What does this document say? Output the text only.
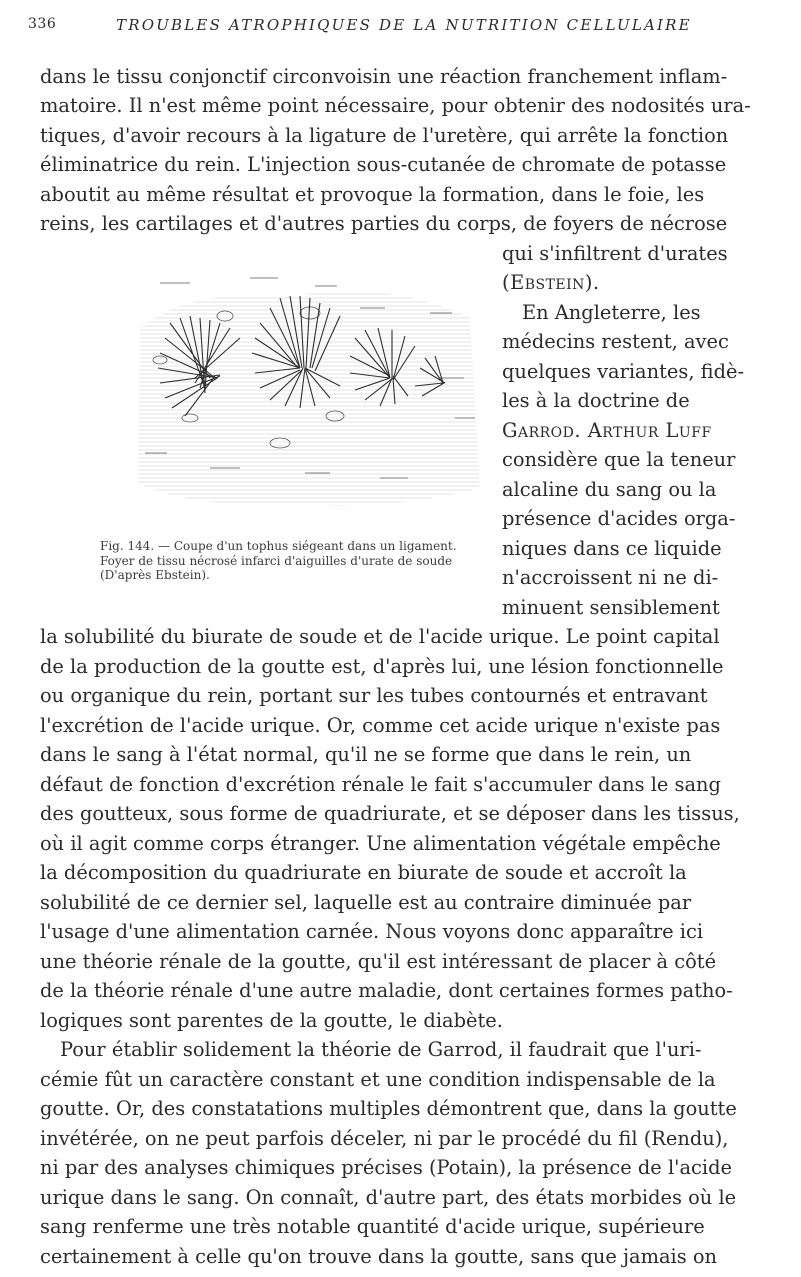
336	TROUBLES ATROPHIQUES DE LA NUTRITION CELLULAIRE
dans le tissu conjonctif circonvoisin une réaction franchement inflam-
matoire. Il n'est même point nécessaire, pour obtenir des nodosités ura-
tiques, d'avoir recours à la ligature de l'uretère, qui arrête la fonction
éliminatrice du rein. L'injection sous-cutanée de chromate de potasse
aboutit au même résultat et provoque la formation, dans le foie, les
reins, les cartilages et d'autres parties du corps, de foyers de nécrose
qui s'infiltrent d'urates
(Ebstein).
En Angleterre, les
médecins restent, avec
quelques variantes, fidè-
les à la doctrine de
Garrod. Arthur Luff
considère que la teneur
alcaline du sang ou la
présence d'acides orga-
niques dans ce liquide
n'accroissent ni ne di-
minuent sensiblement
la solubilité du biurate de soude et de l'acide urique. Le point capital
de la production de la goutte est, d'après lui, une lésion fonctionnelle
ou organique du rein, portant sur les tubes contournés et entravant
l'excrétion de l'acide urique. Or, comme cet acide urique n'existe pas
dans le sang à l'état normal, qu'il ne se forme que dans le rein, un
défaut de fonction d'excrétion rénale le fait s'accumuler dans le sang
des goutteux, sous forme de quadriurate, et se déposer dans les tissus,
où il agit comme corps étranger. Une alimentation végétale empêche
la décomposition du quadriurate en biurate de soude et accroît la
solubilité de ce dernier sel, laquelle est au contraire diminuée par
l'usage d'une alimentation carnée. Nous voyons donc apparaître ici
une théorie rénale de la goutte, qu'il est intéressant de placer à côté
de la théorie rénale d'une autre maladie, dont certaines formes patho-
logiques sont parentes de la goutte, le diabète.
Pour établir solidement la théorie de Garrod, il faudrait que l'uri-
cémie fût un caractère constant et une condition indispensable de la
goutte. Or, des constatations multiples démontrent que, dans la goutte
invétérée, on ne peut parfois déceler, ni par le procédé du fil (Rendu),
ni par des analyses chimiques précises (Potain), la présence de l'acide
urique dans le sang. On connaît, d'autre part, des états morbides où le
sang renferme une très notable quantité d'acide urique, supérieure
certainement à celle qu'on trouve dans la goutte, sans que jamais on
Fig. 144. — Coupe d'un tophus siégeant dans un ligament.
Foyer de tissu nécrosé infarci d'aiguilles d'urate de soude
(D'après Ebstein).
